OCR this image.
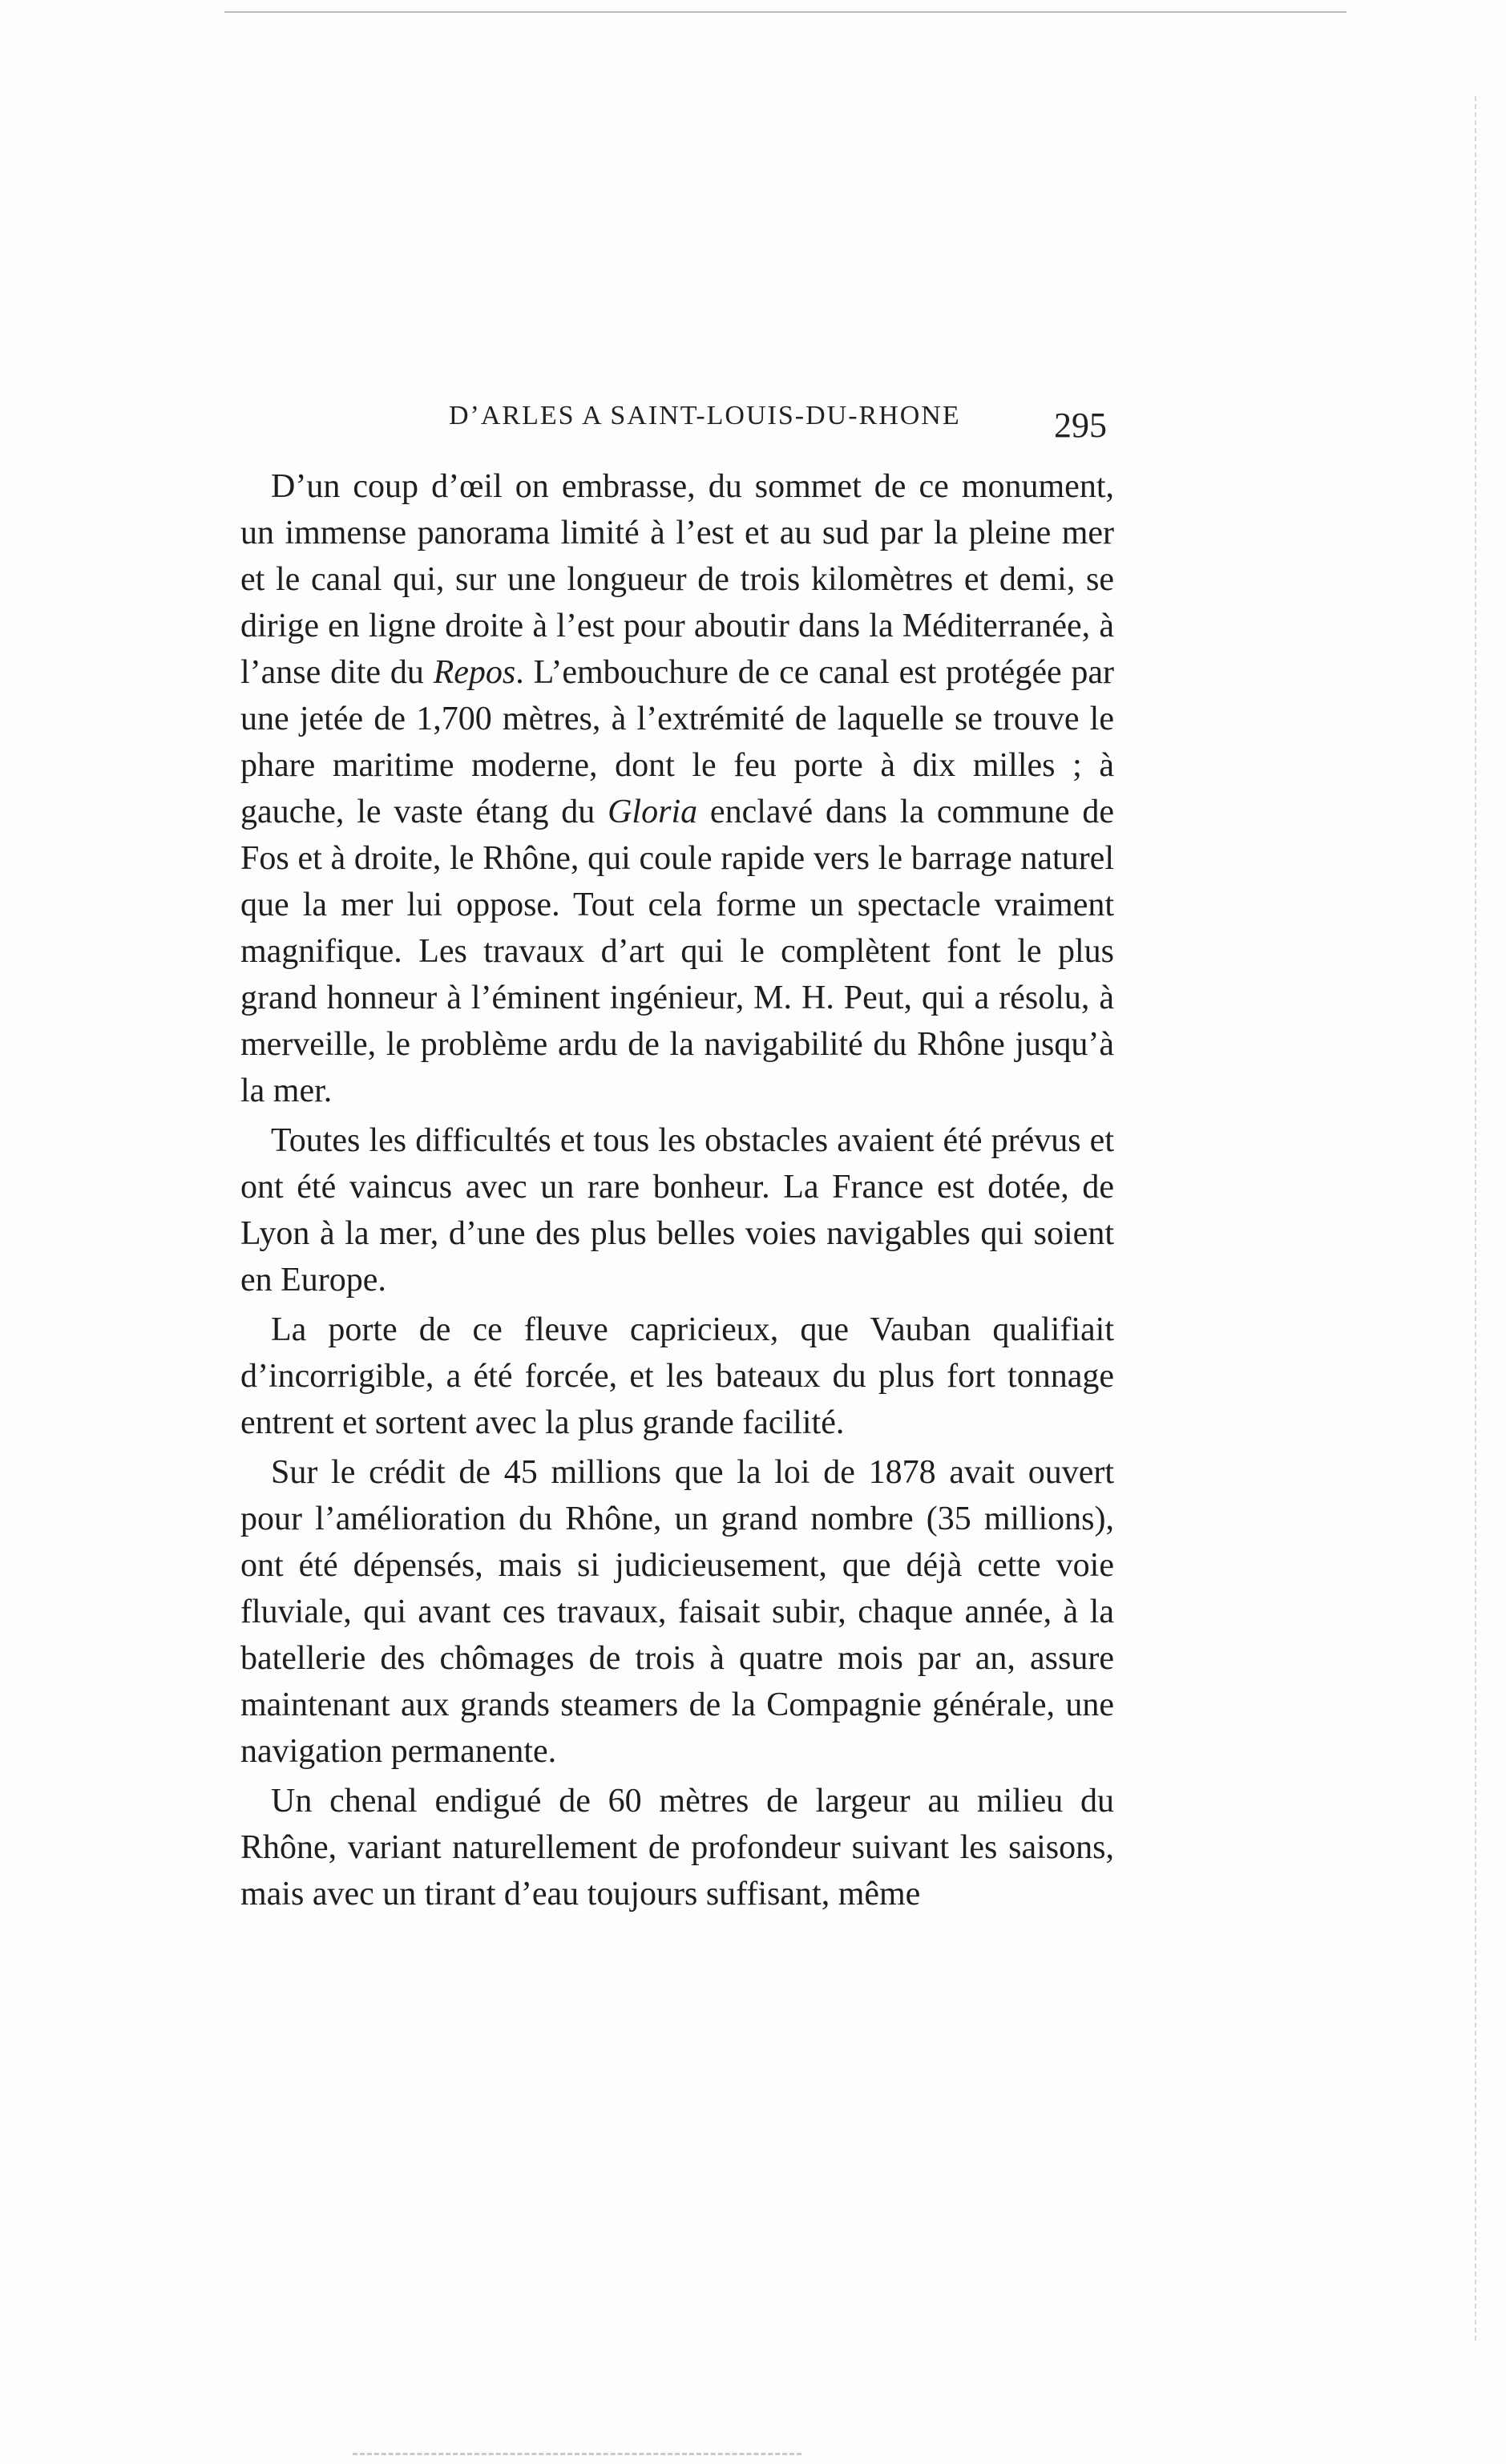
D’ARLES A SAINT-LOUIS-DU-RHONE	295

D’un coup d’œil on embrasse, du sommet de ce monument, un immense panorama limité à l’est et au sud par la pleine mer et le canal qui, sur une longueur de trois kilomètres et demi, se dirige en ligne droite à l’est pour aboutir dans la Méditerranée, à l’anse dite du Repos. L’embouchure de ce canal est protégée par une jetée de 1,700 mètres, à l’extrémité de laquelle se trouve le phare maritime moderne, dont le feu porte à dix milles ; à gauche, le vaste étang du Gloria enclavé dans la commune de Fos et à droite, le Rhône, qui coule rapide vers le barrage naturel que la mer lui oppose. Tout cela forme un spectacle vraiment magnifique. Les travaux d’art qui le complètent font le plus grand honneur à l’éminent ingénieur, M. H. Peut, qui a résolu, à merveille, le problème ardu de la navigabilité du Rhône jusqu’à la mer.

Toutes les difficultés et tous les obstacles avaient été prévus et ont été vaincus avec un rare bonheur. La France est dotée, de Lyon à la mer, d’une des plus belles voies navigables qui soient en Europe.

La porte de ce fleuve capricieux, que Vauban qualifiait d’incorrigible, a été forcée, et les bateaux du plus fort tonnage entrent et sortent avec la plus grande facilité.

Sur le crédit de 45 millions que la loi de 1878 avait ouvert pour l’amélioration du Rhône, un grand nombre (35 millions), ont été dépensés, mais si judicieusement, que déjà cette voie fluviale, qui avant ces travaux, faisait subir, chaque année, à la batellerie des chômages de trois à quatre mois par an, assure maintenant aux grands steamers de la Compagnie générale, une navigation permanente.

Un chenal endigué de 60 mètres de largeur au milieu du Rhône, variant naturellement de profondeur suivant les saisons, mais avec un tirant d’eau toujours suffisant, même
